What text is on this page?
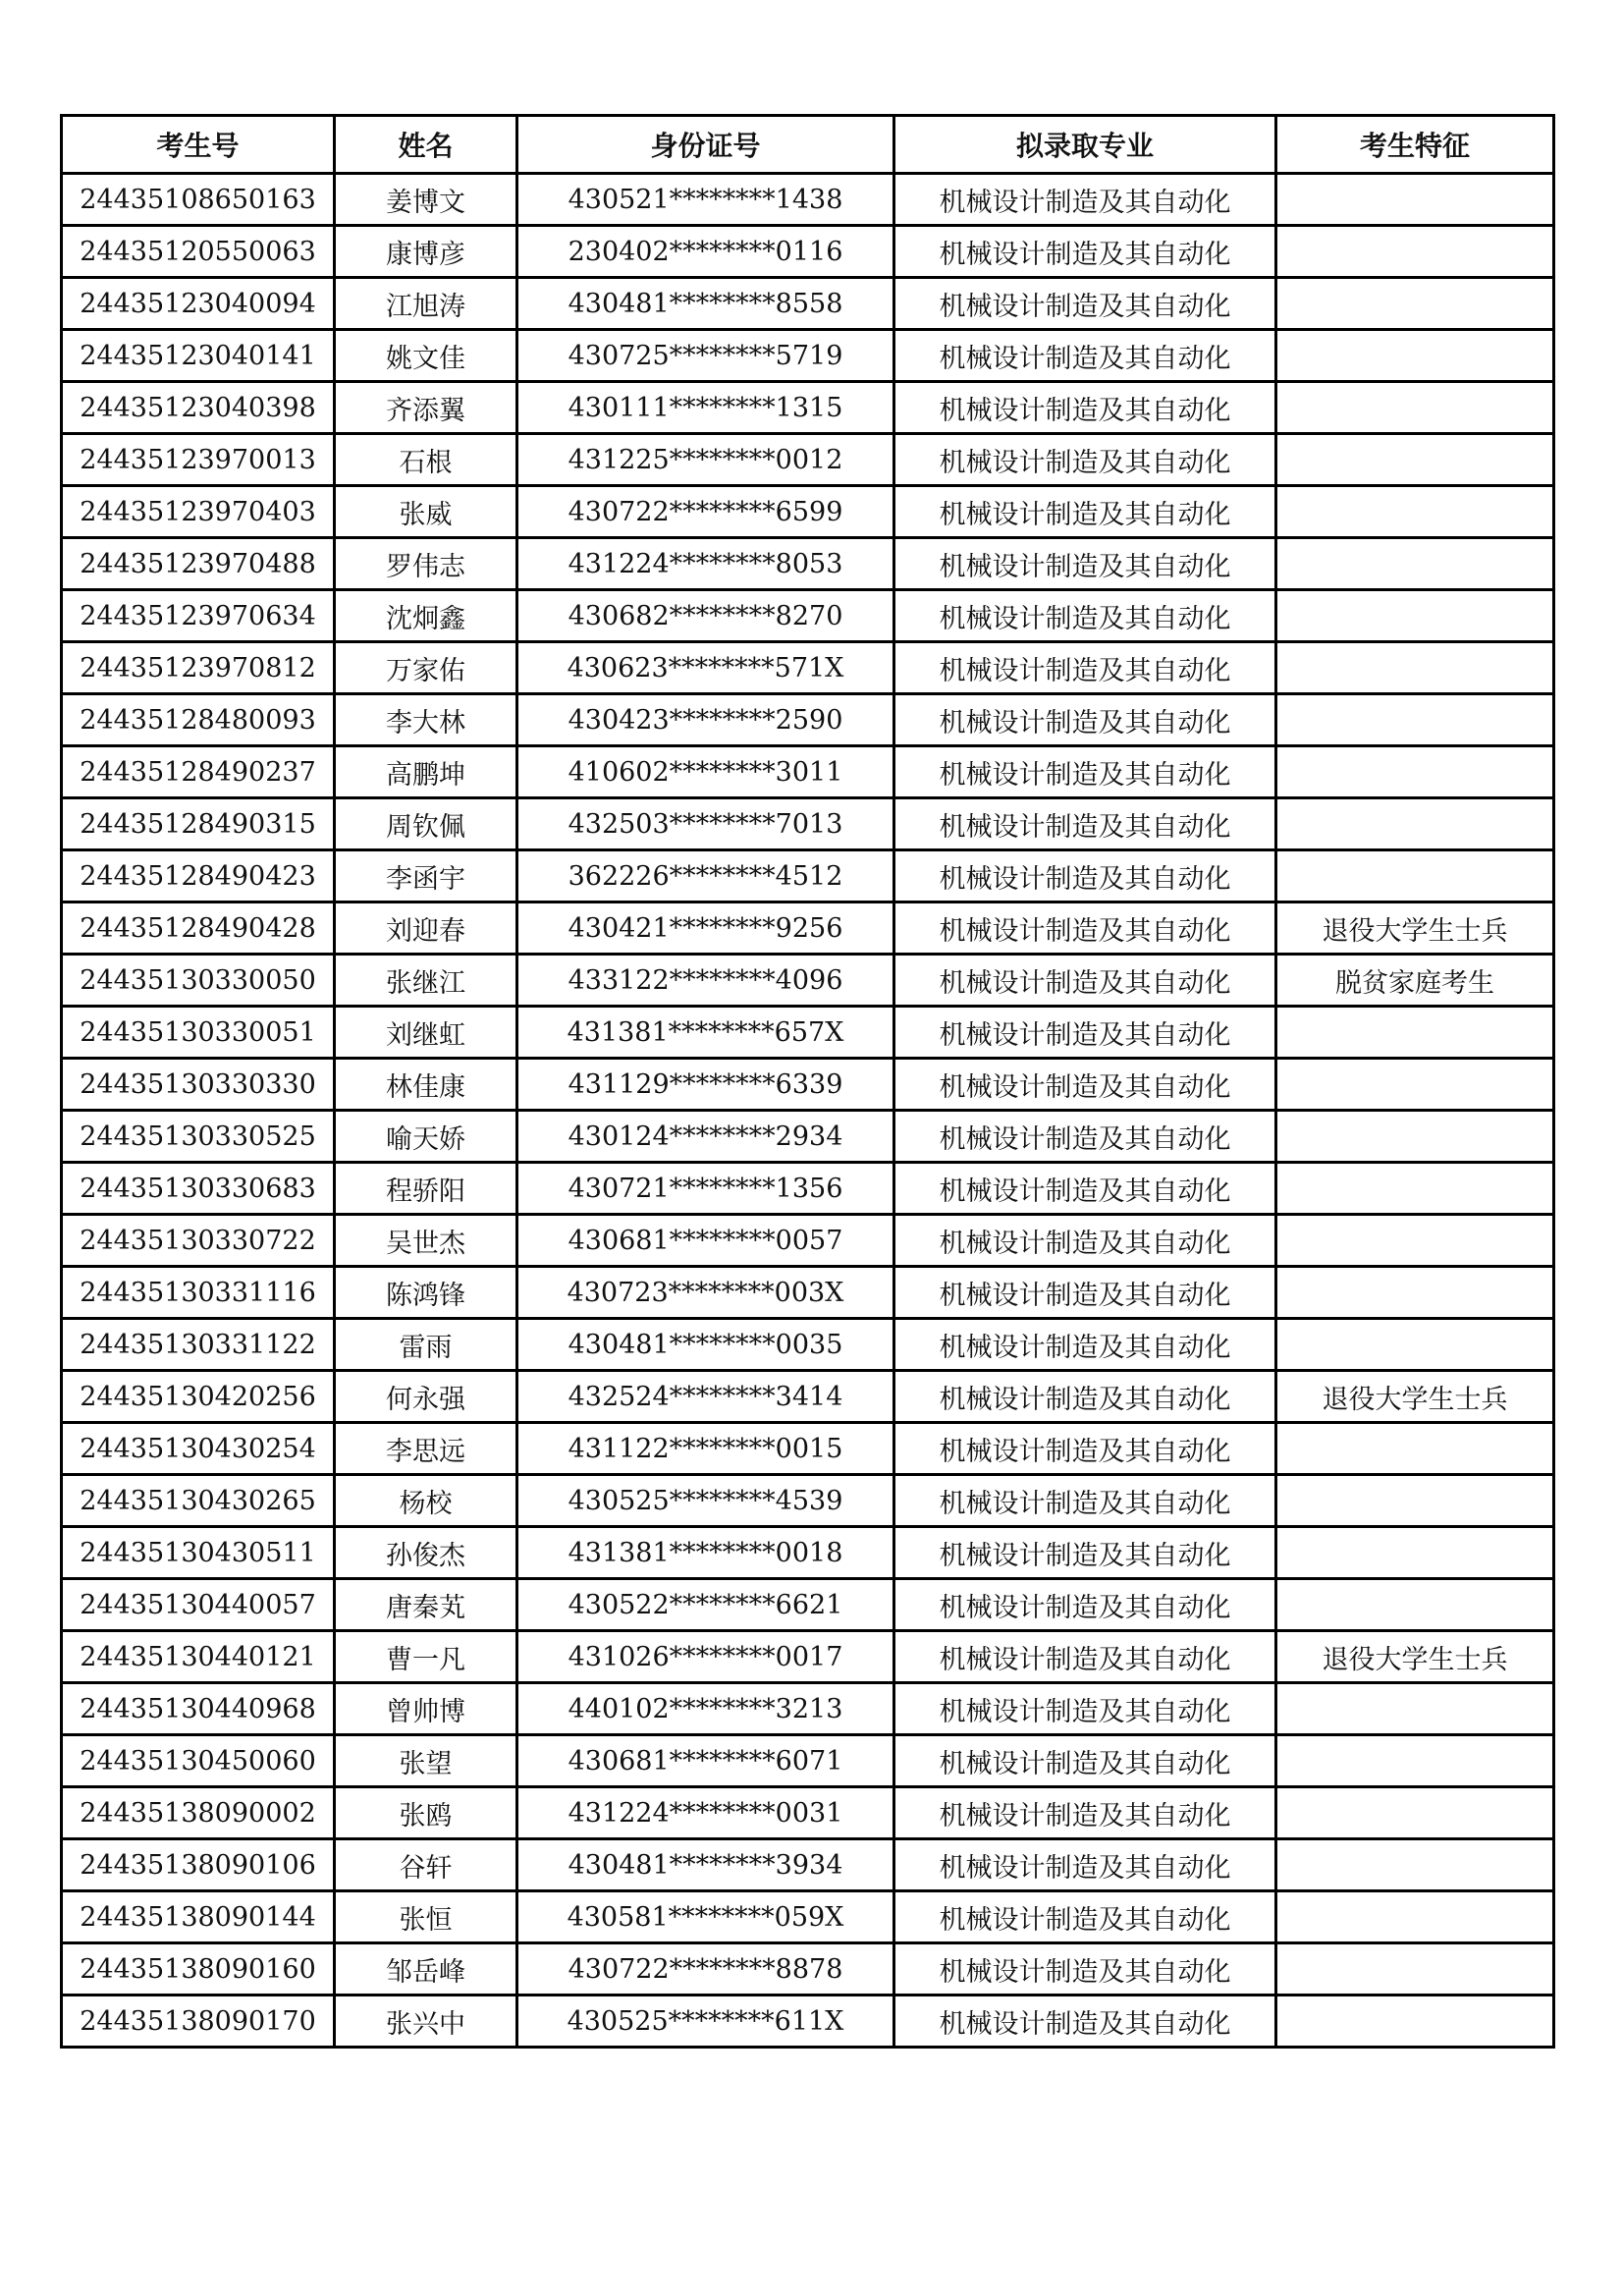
考生号	姓名	身份证号	拟录取专业	考生特征
24435108650163	姜博文	430521********1438	机械设计制造及其自动化	
24435120550063	康博彦	230402********0116	机械设计制造及其自动化	
24435123040094	江旭涛	430481********8558	机械设计制造及其自动化	
24435123040141	姚文佳	430725********5719	机械设计制造及其自动化	
24435123040398	齐添翼	430111********1315	机械设计制造及其自动化	
24435123970013	石根	431225********0012	机械设计制造及其自动化	
24435123970403	张威	430722********6599	机械设计制造及其自动化	
24435123970488	罗伟志	431224********8053	机械设计制造及其自动化	
24435123970634	沈炯鑫	430682********8270	机械设计制造及其自动化	
24435123970812	万家佑	430623********571X	机械设计制造及其自动化	
24435128480093	李大林	430423********2590	机械设计制造及其自动化	
24435128490237	高鹏坤	410602********3011	机械设计制造及其自动化	
24435128490315	周钦佩	432503********7013	机械设计制造及其自动化	
24435128490423	李函宇	362226********4512	机械设计制造及其自动化	
24435128490428	刘迎春	430421********9256	机械设计制造及其自动化	退役大学生士兵
24435130330050	张继江	433122********4096	机械设计制造及其自动化	脱贫家庭考生
24435130330051	刘继虹	431381********657X	机械设计制造及其自动化	
24435130330330	林佳康	431129********6339	机械设计制造及其自动化	
24435130330525	喻天娇	430124********2934	机械设计制造及其自动化	
24435130330683	程骄阳	430721********1356	机械设计制造及其自动化	
24435130330722	吴世杰	430681********0057	机械设计制造及其自动化	
24435130331116	陈鸿锋	430723********003X	机械设计制造及其自动化	
24435130331122	雷雨	430481********0035	机械设计制造及其自动化	
24435130420256	何永强	432524********3414	机械设计制造及其自动化	退役大学生士兵
24435130430254	李思远	431122********0015	机械设计制造及其自动化	
24435130430265	杨校	430525********4539	机械设计制造及其自动化	
24435130430511	孙俊杰	431381********0018	机械设计制造及其自动化	
24435130440057	唐秦芄	430522********6621	机械设计制造及其自动化	
24435130440121	曹一凡	431026********0017	机械设计制造及其自动化	退役大学生士兵
24435130440968	曾帅博	440102********3213	机械设计制造及其自动化	
24435130450060	张望	430681********6071	机械设计制造及其自动化	
24435138090002	张鸥	431224********0031	机械设计制造及其自动化	
24435138090106	谷轩	430481********3934	机械设计制造及其自动化	
24435138090144	张恒	430581********059X	机械设计制造及其自动化	
24435138090160	邹岳峰	430722********8878	机械设计制造及其自动化	
24435138090170	张兴中	430525********611X	机械设计制造及其自动化	
